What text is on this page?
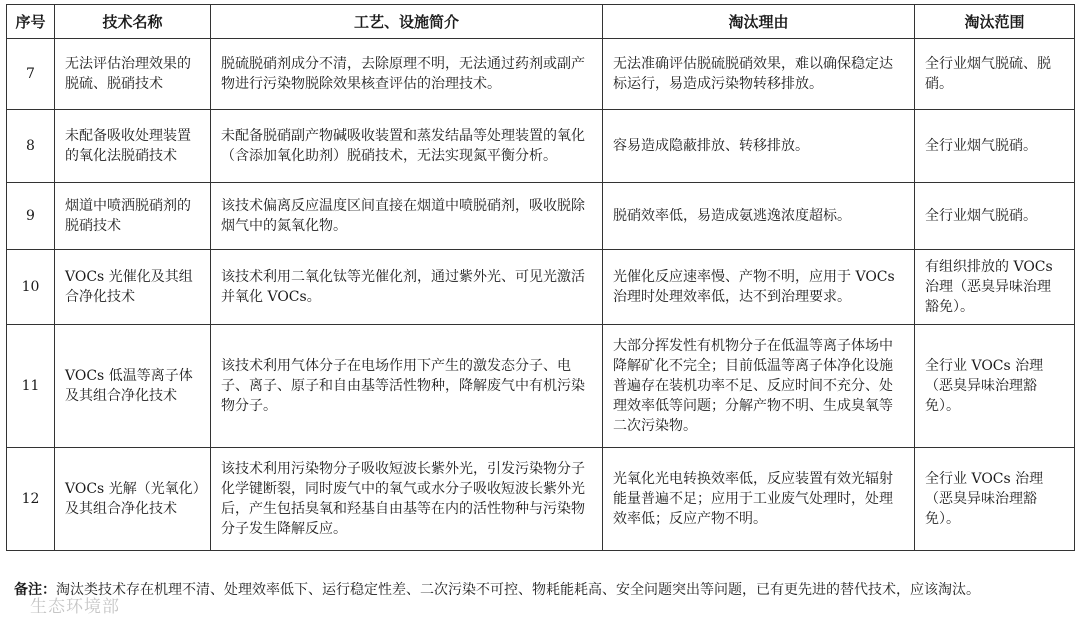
序号	技术名称	工艺、设施简介	淘汰理由	淘汰范围
7	无法评估治理效果的脱硫、脱硝技术	脱硫脱硝剂成分不清，去除原理不明，无法通过药剂或副产物进行污染物脱除效果核查评估的治理技术。	无法准确评估脱硫脱硝效果，难以确保稳定达标运行，易造成污染物转移排放。	全行业烟气脱硫、脱硝。
8	未配备吸收处理装置的氧化法脱硝技术	未配备脱硝副产物碱吸收装置和蒸发结晶等处理装置的氧化（含添加氧化助剂）脱硝技术，无法实现氮平衡分析。	容易造成隐蔽排放、转移排放。	全行业烟气脱硝。
9	烟道中喷洒脱硝剂的脱硝技术	该技术偏离反应温度区间直接在烟道中喷脱硝剂，吸收脱除烟气中的氮氧化物。	脱硝效率低，易造成氨逃逸浓度超标。	全行业烟气脱硝。
10	VOCs 光催化及其组合净化技术	该技术利用二氧化钛等光催化剂，通过紫外光、可见光激活并氧化 VOCs。	光催化反应速率慢、产物不明，应用于 VOCs 治理时处理效率低，达不到治理要求。	有组织排放的 VOCs 治理（恶臭异味治理豁免）。
11	VOCs 低温等离子体及其组合净化技术	该技术利用气体分子在电场作用下产生的激发态分子、电子、离子、原子和自由基等活性物种，降解废气中有机污染物分子。	大部分挥发性有机物分子在低温等离子体场中降解矿化不完全；目前低温等离子体净化设施普遍存在装机功率不足、反应时间不充分、处理效率低等问题；分解产物不明、生成臭氧等二次污染物。	全行业 VOCs 治理（恶臭异味治理豁免）。
12	VOCs 光解（光氧化）及其组合净化技术	该技术利用污染物分子吸收短波长紫外光，引发污染物分子化学键断裂，同时废气中的氧气或水分子吸收短波长紫外光后，产生包括臭氧和羟基自由基等在内的活性物种与污染物分子发生降解反应。	光氧化光电转换效率低，反应装置有效光辐射能量普遍不足；应用于工业废气处理时，处理效率低；反应产物不明。	全行业 VOCs 治理（恶臭异味治理豁免）。
备注：淘汰类技术存在机理不清、处理效率低下、运行稳定性差、二次污染不可控、物耗能耗高、安全问题突出等问题，已有更先进的替代技术，应该淘汰。
生态环境部
